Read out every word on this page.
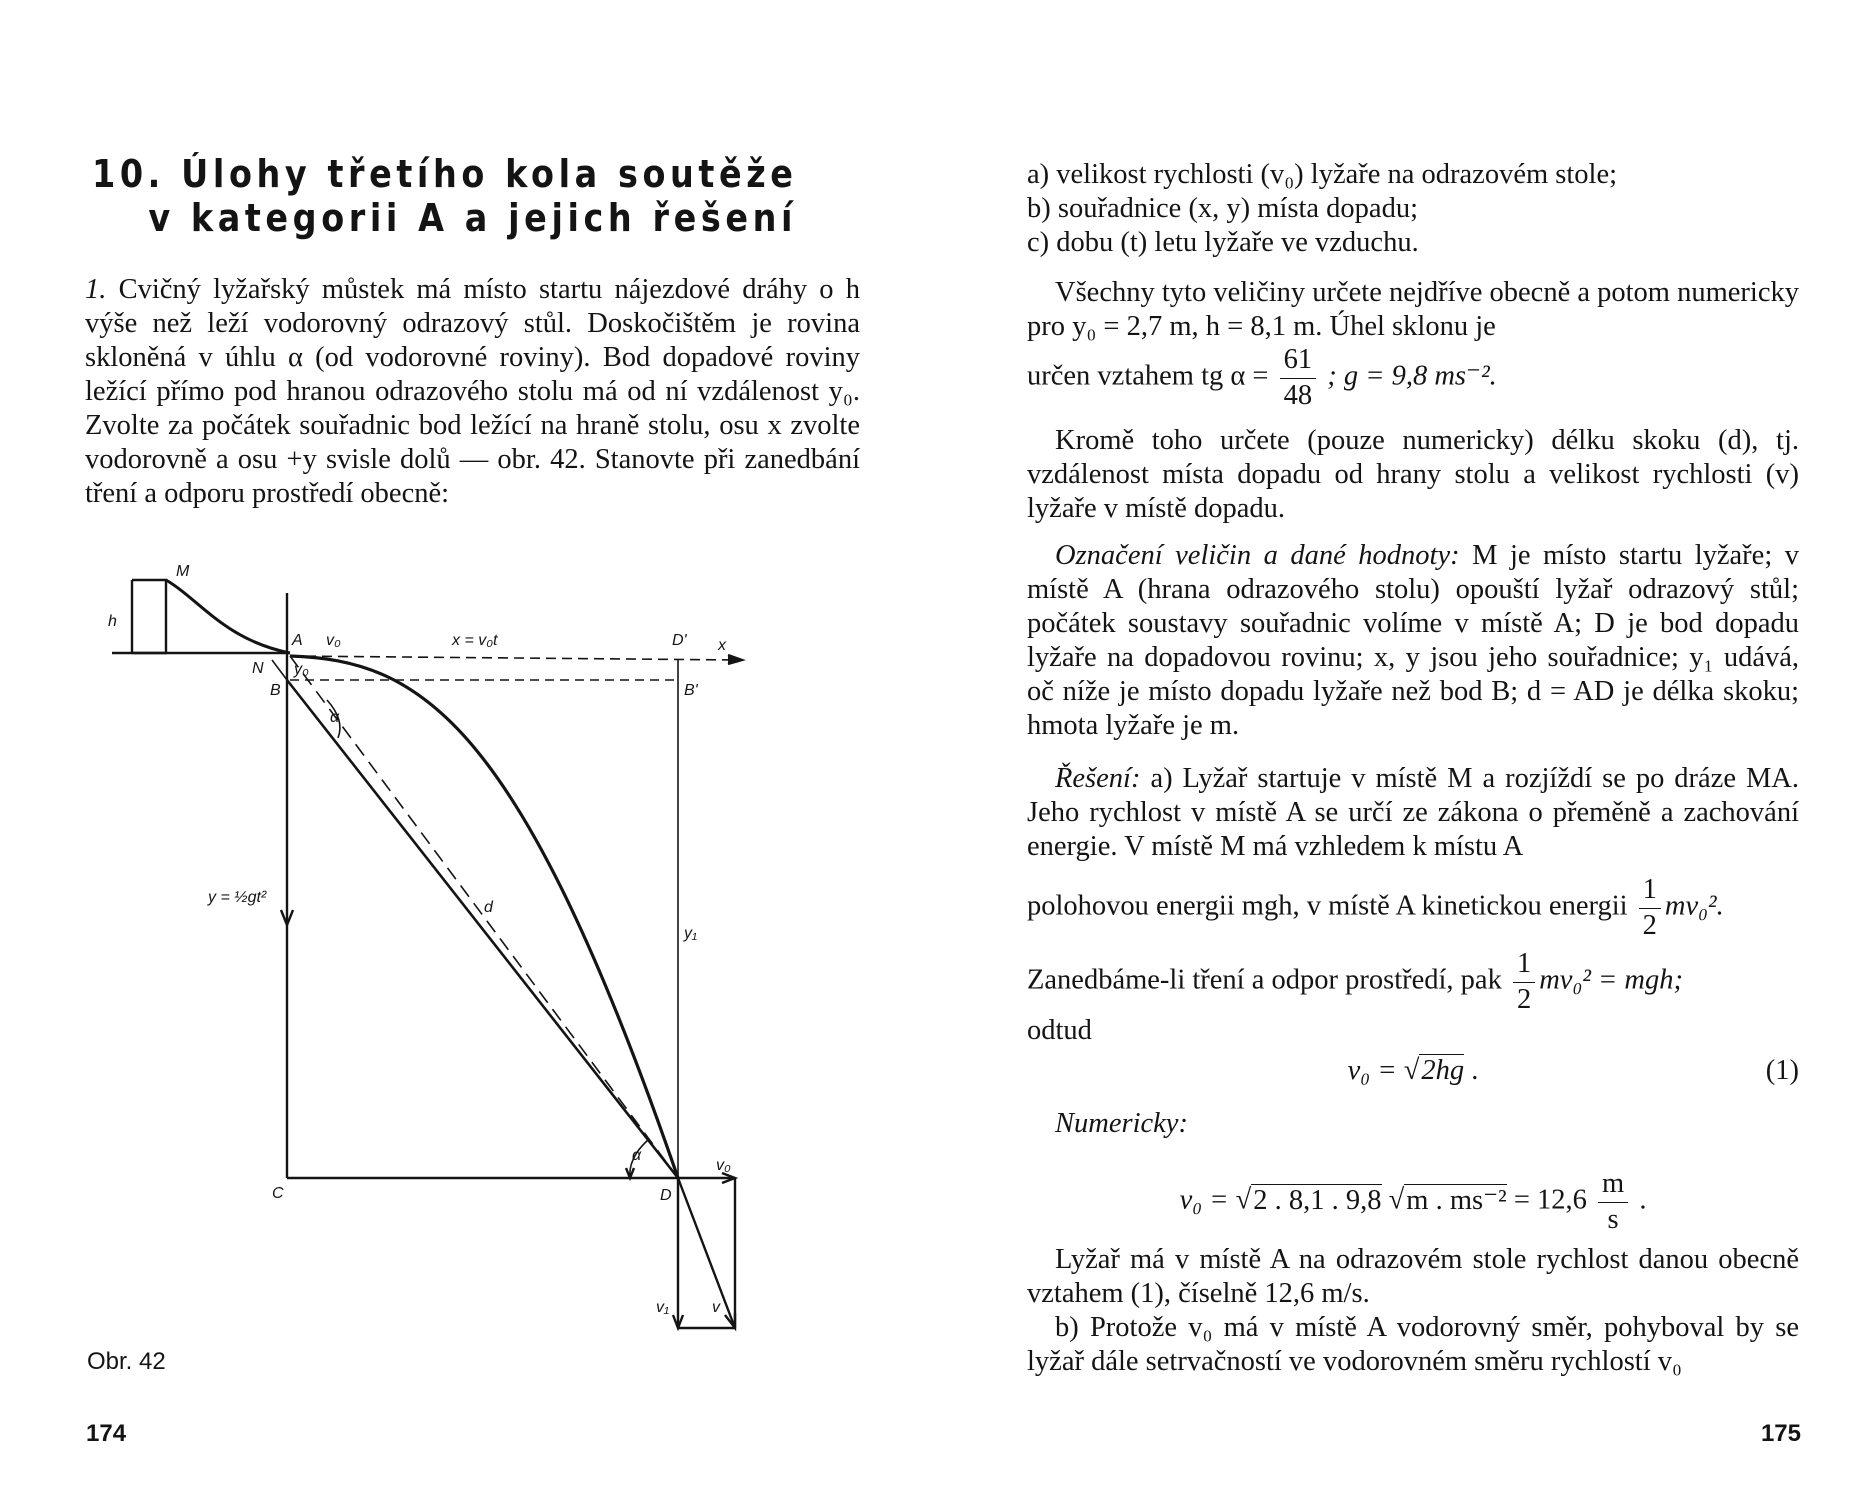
10. Úlohy třetího kola soutěže
v kategorii A a jejich řešení

1. Cvičný lyžařský můstek má místo startu nájezdové dráhy o h výše než leží vodorovný odrazový stůl. Doskočištěm je rovina skloněná v úhlu α (od vodorovné roviny). Bod dopadové roviny ležící přímo pod hranou odrazového stolu má od ní vzdálenost y₀. Zvolte za počátek souřadnic bod ležící na hraně stolu, osu x zvolte vodorovně a osu +y svisle dolů — obr. 42. Stanovte při zanedbání tření a odporu prostředí obecně:

M
h
A v₀	x = v₀t	D' x
N
B
y₀
B'
α
y = ½gt²
d
y₁
α
v₀
C	D
v₁	v
Obr. 42
174

a) velikost rychlosti (v₀) lyžaře na odrazovém stole;

b) souřadnice (x, y) místa dopadu;

c) dobu (t) letu lyžaře ve vzduchu.

Všechny tyto veličiny určete nejdříve obecně a potom numericky pro y₀ = 2,7 m, h = 8,1 m. Úhel sklonu je

určen vztahem tg $\alpha = \frac{61}{48}$ ; g = 9,8 ms⁻².

Kromě toho určete (pouze numericky) délku skoku (d), tj. vzdálenost místa dopadu od hrany stolu a velikost rychlosti (v) lyžaře v místě dopadu.

Označení veličin a dané hodnoty: M je místo startu lyžaře; v místě A (hrana odrazového stolu) opouští lyžař odrazový stůl; počátek soustavy souřadnic volíme v místě A; D je bod dopadu lyžaře na dopadovou rovinu; x, y jsou jeho souřadnice; y₁ udává, oč níže je místo dopadu lyžaře než bod B; d = AD je délka skoku; hmota lyžaře je m.

Řešení: a) Lyžař startuje v místě M a rozjíždí se po dráze MA. Jeho rychlost v místě A se určí ze zákona o přeměně a zachování energie. V místě M má vzhledem k místu A

polohovou energii mgh, v místě A kinetickou energii $\frac{1}{2} mv_0^2$.
Zanedbáme-li tření a odpor prostředí, pak $\frac{1}{2} mv_0^2$ = mgh;
odtud
v₀ = √2hg .	(1)
Numericky:
v₀ = √2 . 8,1 . 9,8 √m . $ms^{-2} = 12,6 \frac{m}{s}$ .

Lyžař má v místě A na odrazovém stole rychlost danou obecně vztahem (1), číselně 12,6 m/s.

b) Protože v₀ má v místě A vodorovný směr, pohyboval by se lyžař dále setrvačností ve vodorovném směru rychlostí v₀

175
